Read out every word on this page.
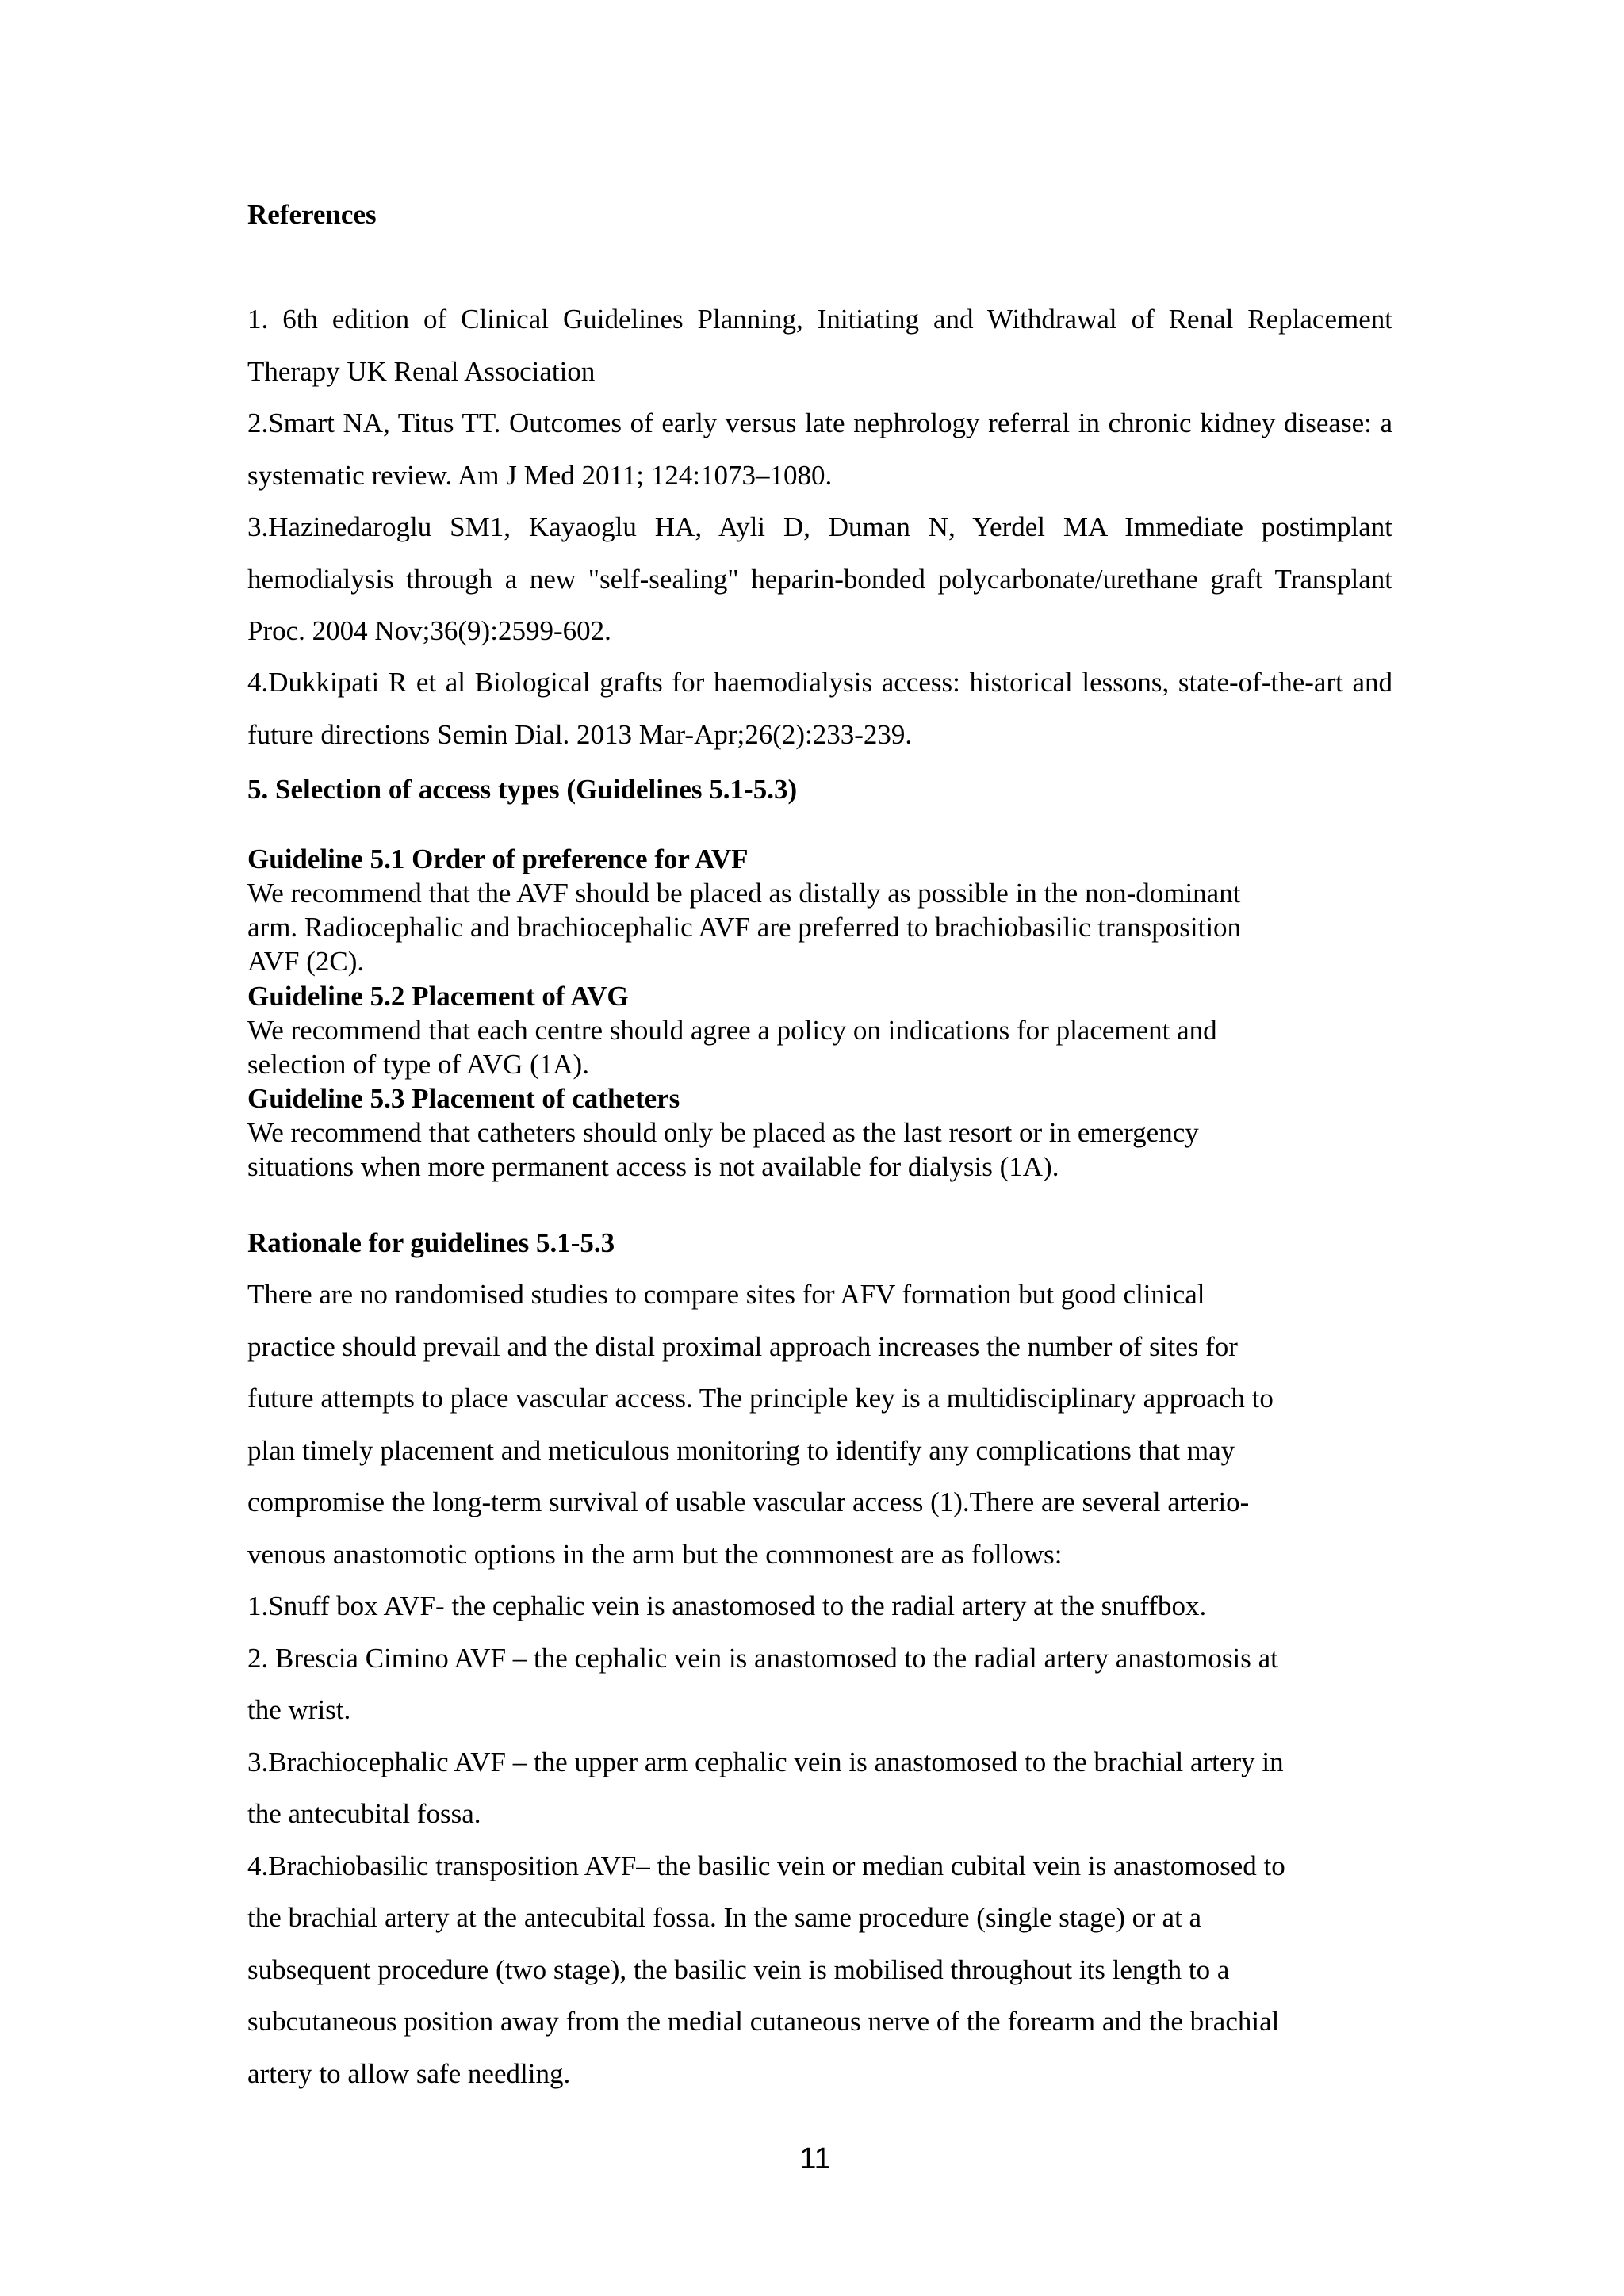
References

1. 6th edition of Clinical Guidelines Planning, Initiating and Withdrawal of Renal Replacement Therapy UK Renal Association

2.Smart NA, Titus TT. Outcomes of early versus late nephrology referral in chronic kidney disease: a systematic review. Am J Med 2011; 124:1073–1080.

3.Hazinedaroglu SM1, Kayaoglu HA, Ayli D, Duman N, Yerdel MA Immediate postimplant hemodialysis through a new "self-sealing" heparin-bonded polycarbonate/urethane graft Transplant Proc. 2004 Nov;36(9):2599-602.

4.Dukkipati R et al Biological grafts for haemodialysis access: historical lessons, state-of-the-art and future directions Semin Dial. 2013 Mar-Apr;26(2):233-239.

5. Selection of access types (Guidelines 5.1-5.3)
Guideline 5.1 Order of preference for AVF
We recommend that the AVF should be placed as distally as possible in the non-dominant
arm. Radiocephalic and brachiocephalic AVF are preferred to brachiobasilic transposition
AVF (2C).
Guideline 5.2 Placement of AVG
We recommend that each centre should agree a policy on indications for placement and
selection of type of AVG (1A).
Guideline 5.3 Placement of catheters
We recommend that catheters should only be placed as the last resort or in emergency
situations when more permanent access is not available for dialysis (1A).
Rationale for guidelines 5.1-5.3
There are no randomised studies to compare sites for AFV formation but good clinical
practice should prevail and the distal proximal approach increases the number of sites for
future attempts to place vascular access. The principle key is a multidisciplinary approach to
plan timely placement and meticulous monitoring to identify any complications that may
compromise the long-term survival of usable vascular access (1).There are several arterio-
venous anastomotic options in the arm but the commonest are as follows:
1.Snuff box AVF- the cephalic vein is anastomosed to the radial artery at the snuffbox.
2. Brescia Cimino AVF – the cephalic vein is anastomosed to the radial artery anastomosis at
the wrist.
3.Brachiocephalic AVF – the upper arm cephalic vein is anastomosed to the brachial artery in
the antecubital fossa.
4.Brachiobasilic transposition AVF– the basilic vein or median cubital vein is anastomosed to
the brachial artery at the antecubital fossa. In the same procedure (single stage) or at a
subsequent procedure (two stage), the basilic vein is mobilised throughout its length to a
subcutaneous position away from the medial cutaneous nerve of the forearm and the brachial
artery to allow safe needling.
11
